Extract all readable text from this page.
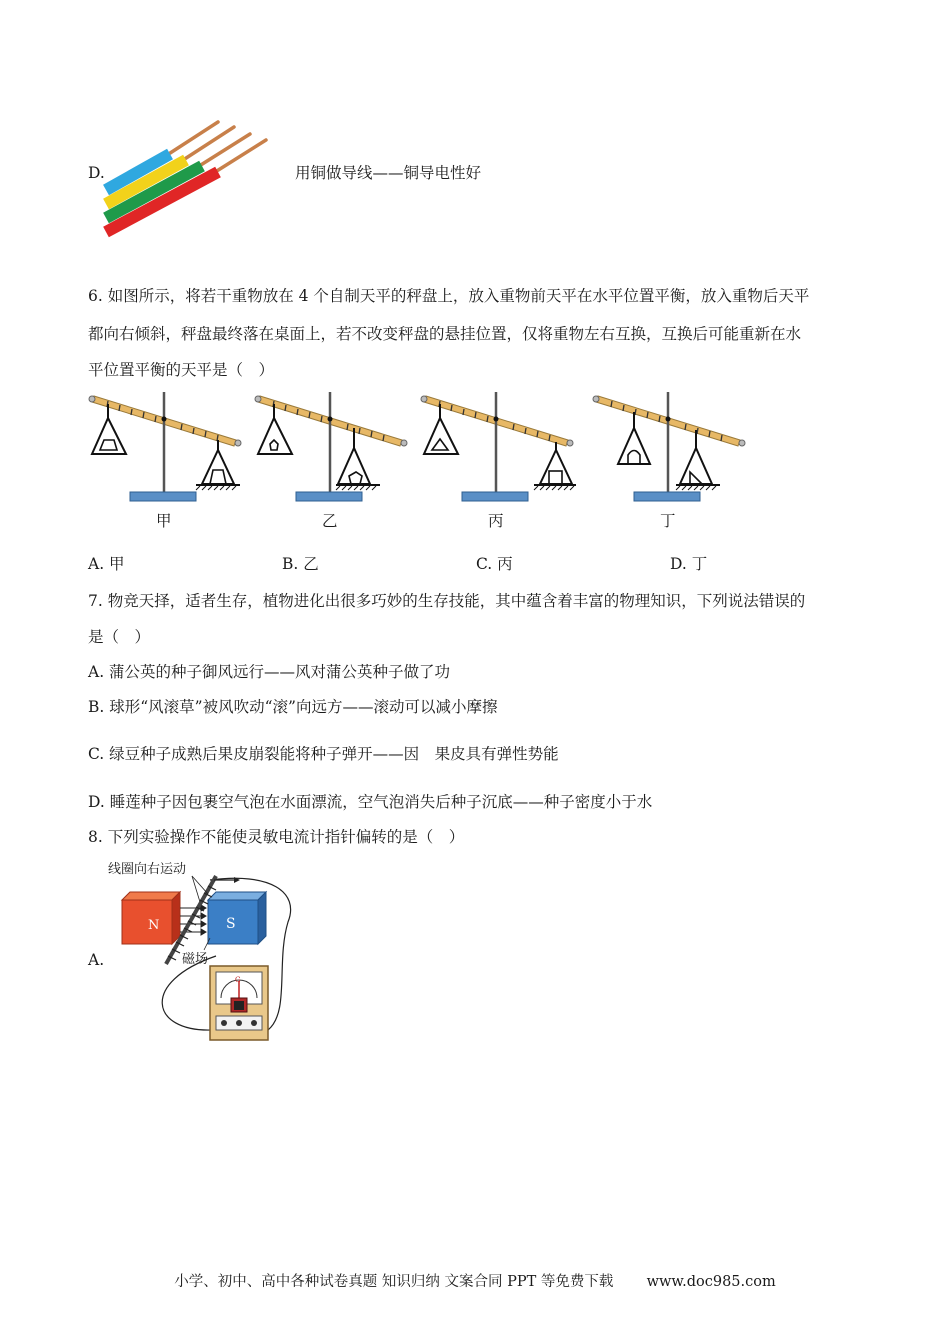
D.	用铜做导线——铜导电性好
6. 如图所示，将若干重物放在 4 个自制天平的秤盘上，放入重物前天平在水平位置平衡，放入重物后天平
都向右倾斜，秤盘最终落在桌面上，若不改变秤盘的悬挂位置，仅将重物左右互换，互换后可能重新在水
平位置平衡的天平是（　）
甲	乙	丙	丁
A. 甲	B. 乙	C. 丙	D. 丁
7. 物竞天择，适者生存，植物进化出很多巧妙的生存技能，其中蕴含着丰富的物理知识，下列说法错误的
是（　）
A. 蒲公英的种子御风远行——风对蒲公英种子做了功
B. 球形“风滚草”被风吹动“滚”向远方——滚动可以减小摩擦
C. 绿豆种子成熟后果皮崩裂能将种子弹开——因　果皮具有弹性势能
D. 睡莲种子因包裹空气泡在水面漂流，空气泡消失后种子沉底——种子密度小于水
8. 下列实验操作不能使灵敏电流计指针偏转的是（　）
A.
线圈向右运动
N	S
磁场
G
小学、初中、高中各种试卷真题 知识归纳 文案合同 PPT 等免费下载 www.doc985.com
